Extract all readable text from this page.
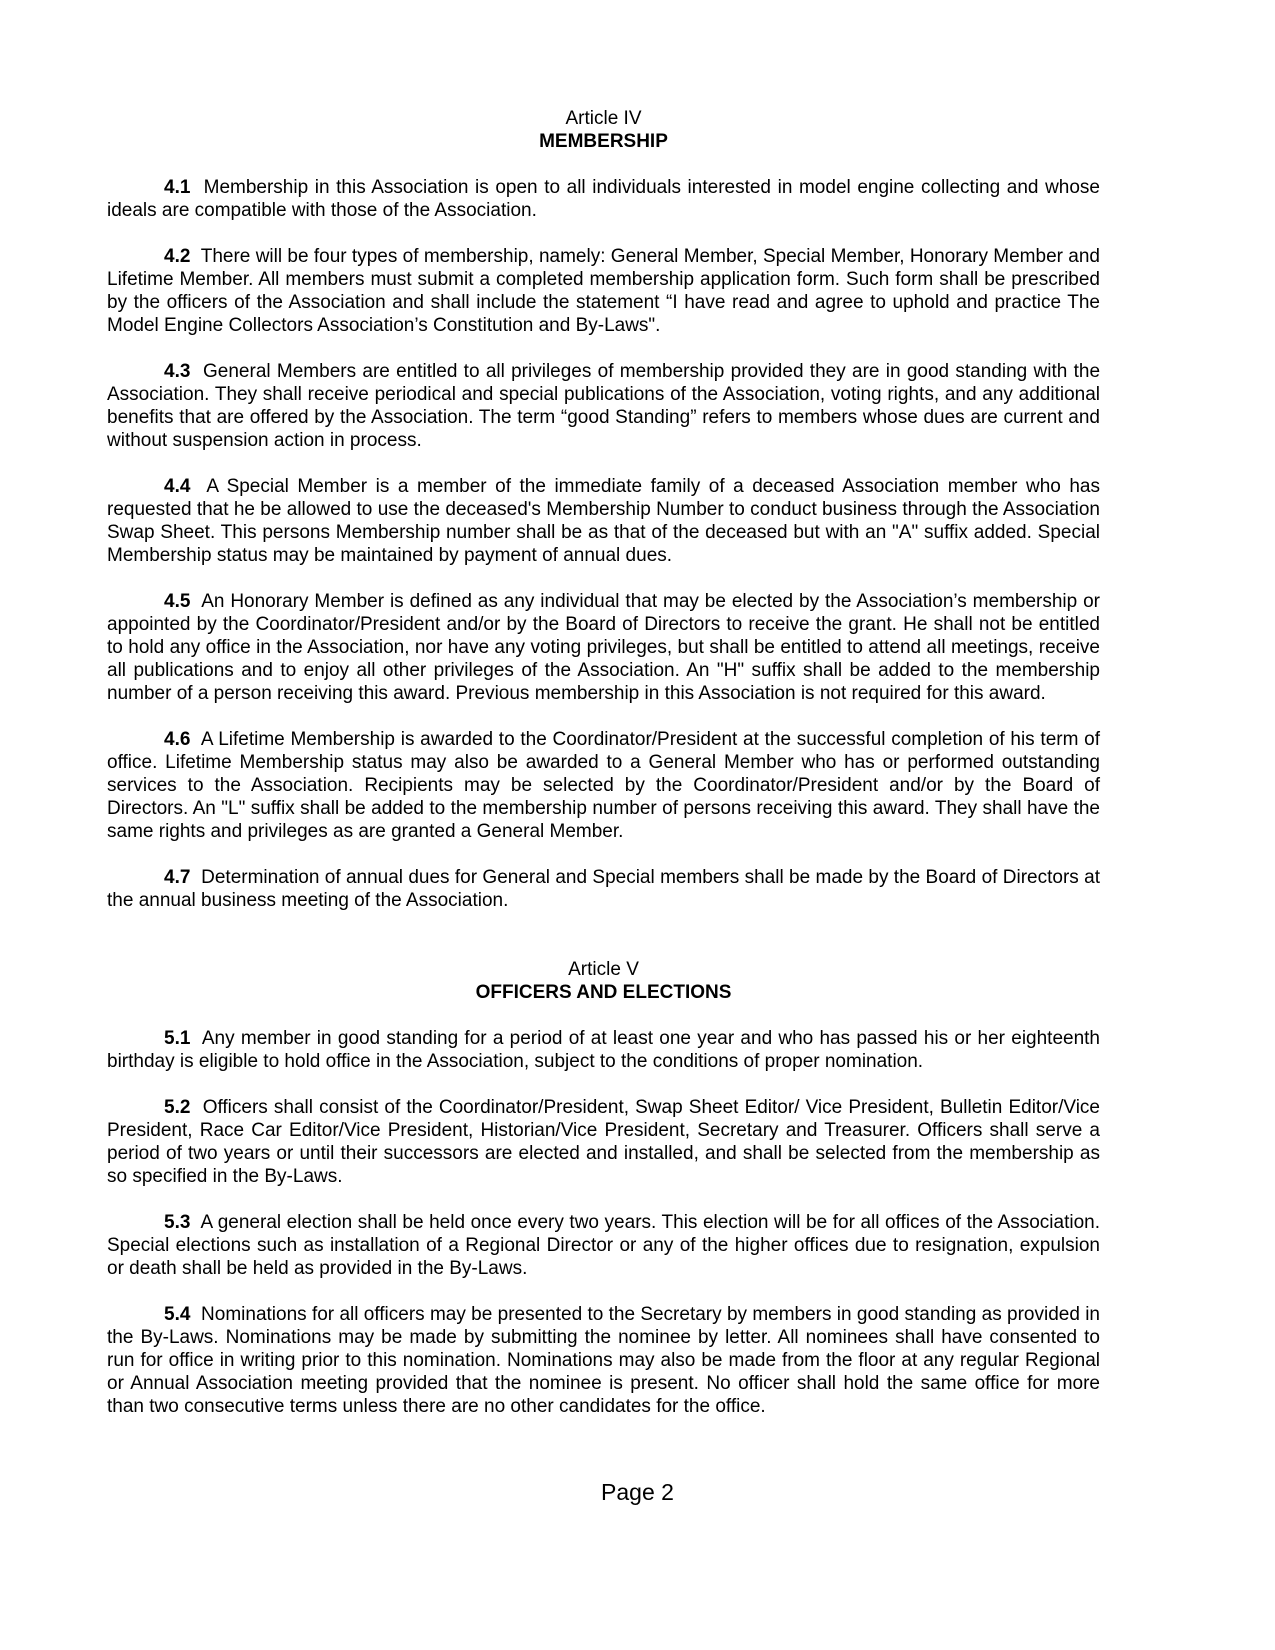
Article IV
MEMBERSHIP

4.1 Membership in this Association is open to all individuals interested in model engine collecting and whose ideals are compatible with those of the Association.

4.2 There will be four types of membership, namely: General Member, Special Member, Honorary Member and Lifetime Member. All members must submit a completed membership application form. Such form shall be prescribed by the officers of the Association and shall include the statement “I have read and agree to uphold and practice The Model Engine Collectors Association’s Constitution and By-Laws".

4.3 General Members are entitled to all privileges of membership provided they are in good standing with the Association. They shall receive periodical and special publications of the Association, voting rights, and any additional benefits that are offered by the Association. The term “good Standing” refers to members whose dues are current and without suspension action in process.

4.4 A Special Member is a member of the immediate family of a deceased Association member who has requested that he be allowed to use the deceased's Membership Number to conduct business through the Association Swap Sheet. This persons Membership number shall be as that of the deceased but with an "A" suffix added. Special Membership status may be maintained by payment of annual dues.

4.5 An Honorary Member is defined as any individual that may be elected by the Association’s membership or appointed by the Coordinator/President and/or by the Board of Directors to receive the grant. He shall not be entitled to hold any office in the Association, nor have any voting privileges, but shall be entitled to attend all meetings, receive all publications and to enjoy all other privileges of the Association. An "H" suffix shall be added to the membership number of a person receiving this award. Previous membership in this Association is not required for this award.

4.6 A Lifetime Membership is awarded to the Coordinator/President at the successful completion of his term of office. Lifetime Membership status may also be awarded to a General Member who has or performed outstanding services to the Association. Recipients may be selected by the Coordinator/President and/or by the Board of Directors. An "L" suffix shall be added to the membership number of persons receiving this award. They shall have the same rights and privileges as are granted a General Member.

4.7 Determination of annual dues for General and Special members shall be made by the Board of Directors at the annual business meeting of the Association.

Article V
OFFICERS AND ELECTIONS

5.1 Any member in good standing for a period of at least one year and who has passed his or her eighteenth birthday is eligible to hold office in the Association, subject to the conditions of proper nomination.

5.2 Officers shall consist of the Coordinator/President, Swap Sheet Editor/ Vice President, Bulletin Editor/Vice President, Race Car Editor/Vice President, Historian/Vice President, Secretary and Treasurer. Officers shall serve a period of two years or until their successors are elected and installed, and shall be selected from the membership as so specified in the By-Laws.

5.3 A general election shall be held once every two years. This election will be for all offices of the Association. Special elections such as installation of a Regional Director or any of the higher offices due to resignation, expulsion or death shall be held as provided in the By-Laws.

5.4 Nominations for all officers may be presented to the Secretary by members in good standing as provided in the By-Laws. Nominations may be made by submitting the nominee by letter. All nominees shall have consented to run for office in writing prior to this nomination. Nominations may also be made from the floor at any regular Regional or Annual Association meeting provided that the nominee is present. No officer shall hold the same office for more than two consecutive terms unless there are no other candidates for the office.

Page 2
